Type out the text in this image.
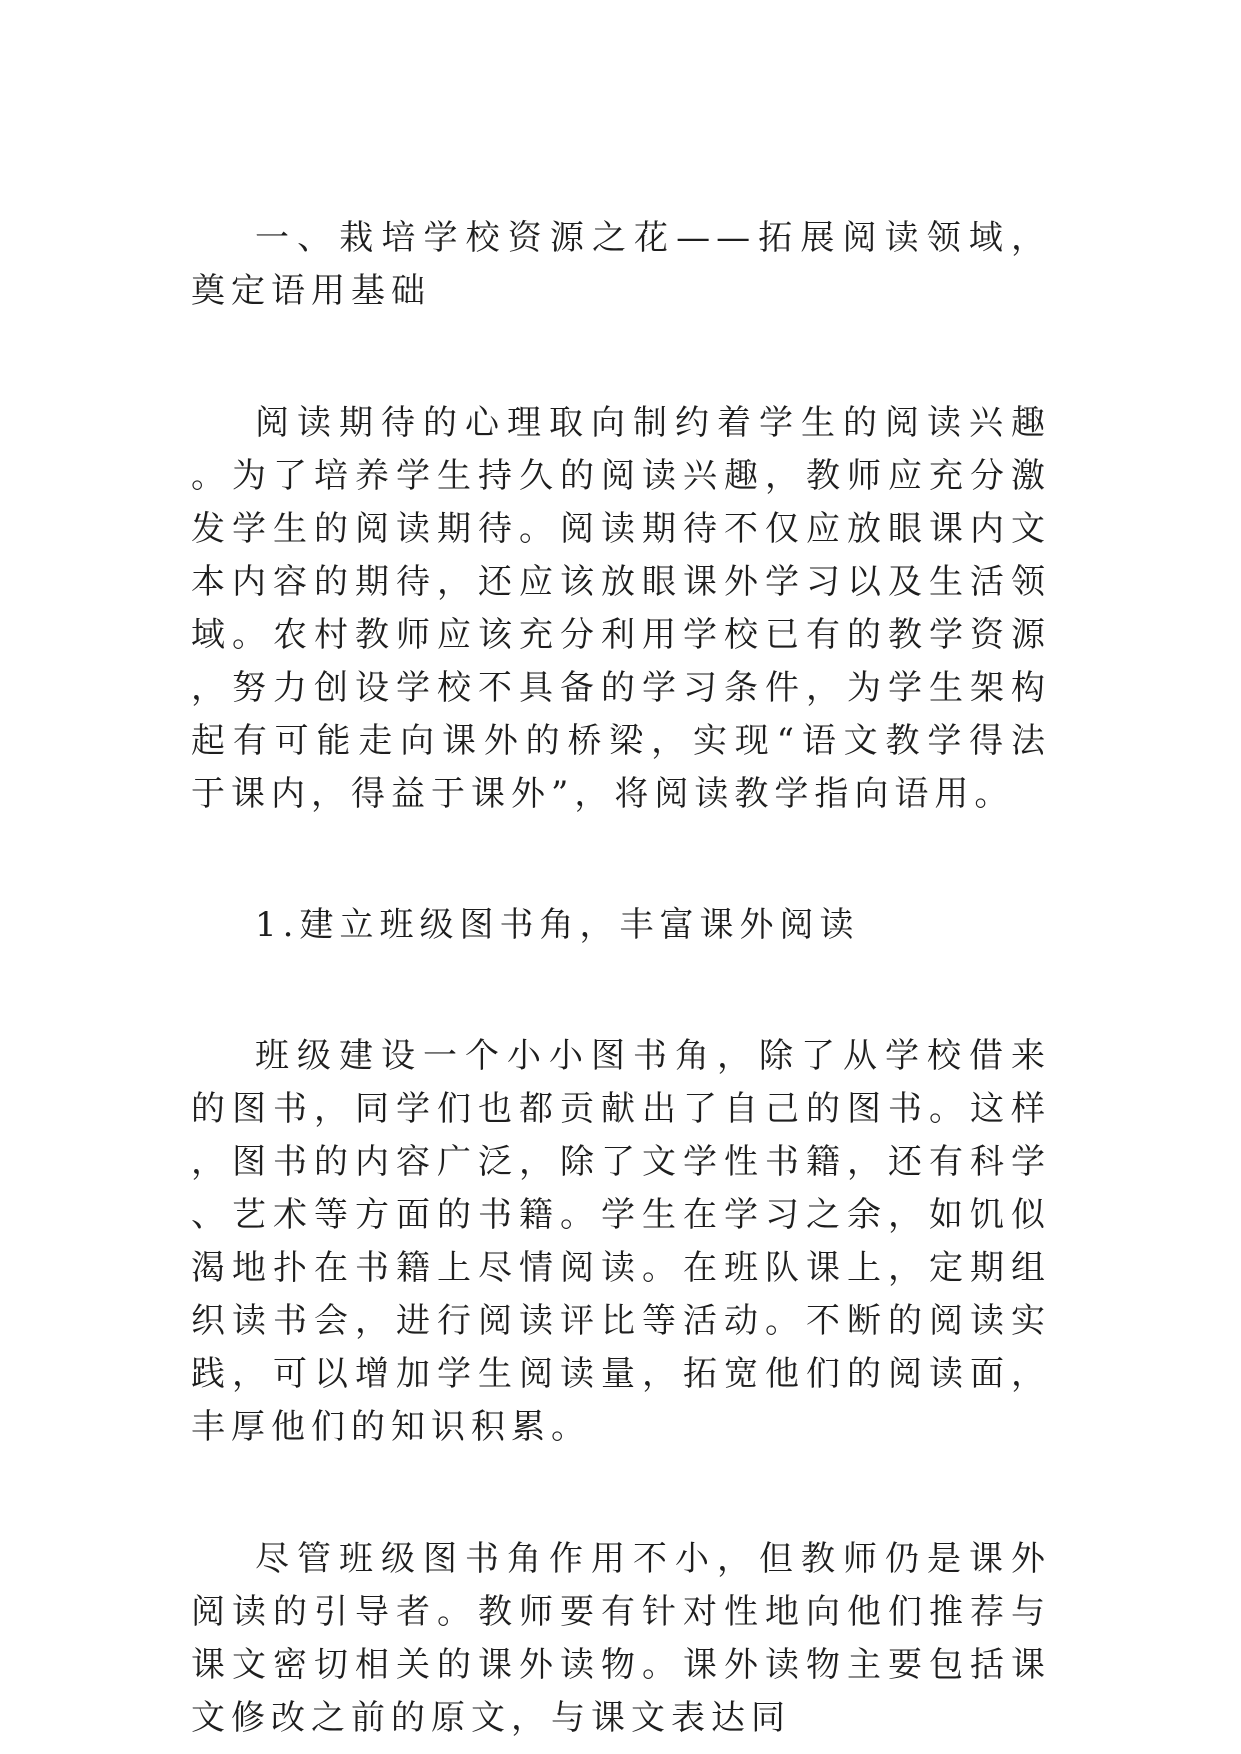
一、栽培学校资源之花——拓展阅读领域，奠定语用基础

阅读期待的心理取向制约着学生的阅读兴趣。为了培养学生持久的阅读兴趣，教师应充分激发学生的阅读期待。阅读期待不仅应放眼课内文本内容的期待，还应该放眼课外学习以及生活领域。农村教师应该充分利用学校已有的教学资源，努力创设学校不具备的学习条件，为学生架构起有可能走向课外的桥梁，实现“语文教学得法于课内，得益于课外”，将阅读教学指向语用。

1.建立班级图书角，丰富课外阅读

班级建设一个小小图书角，除了从学校借来的图书，同学们也都贡献出了自己的图书。这样，图书的内容广泛，除了文学性书籍，还有科学、艺术等方面的书籍。学生在学习之余，如饥似渴地扑在书籍上尽情阅读。在班队课上，定期组织读书会，进行阅读评比等活动。不断的阅读实践，可以增加学生阅读量，拓宽他们的阅读面，丰厚他们的知识积累。

尽管班级图书角作用不小，但教师仍是课外阅读的引导者。教师要有针对性地向他们推荐与课文密切相关的课外读物。课外读物主要包括课文修改之前的原文，与课文表达同
